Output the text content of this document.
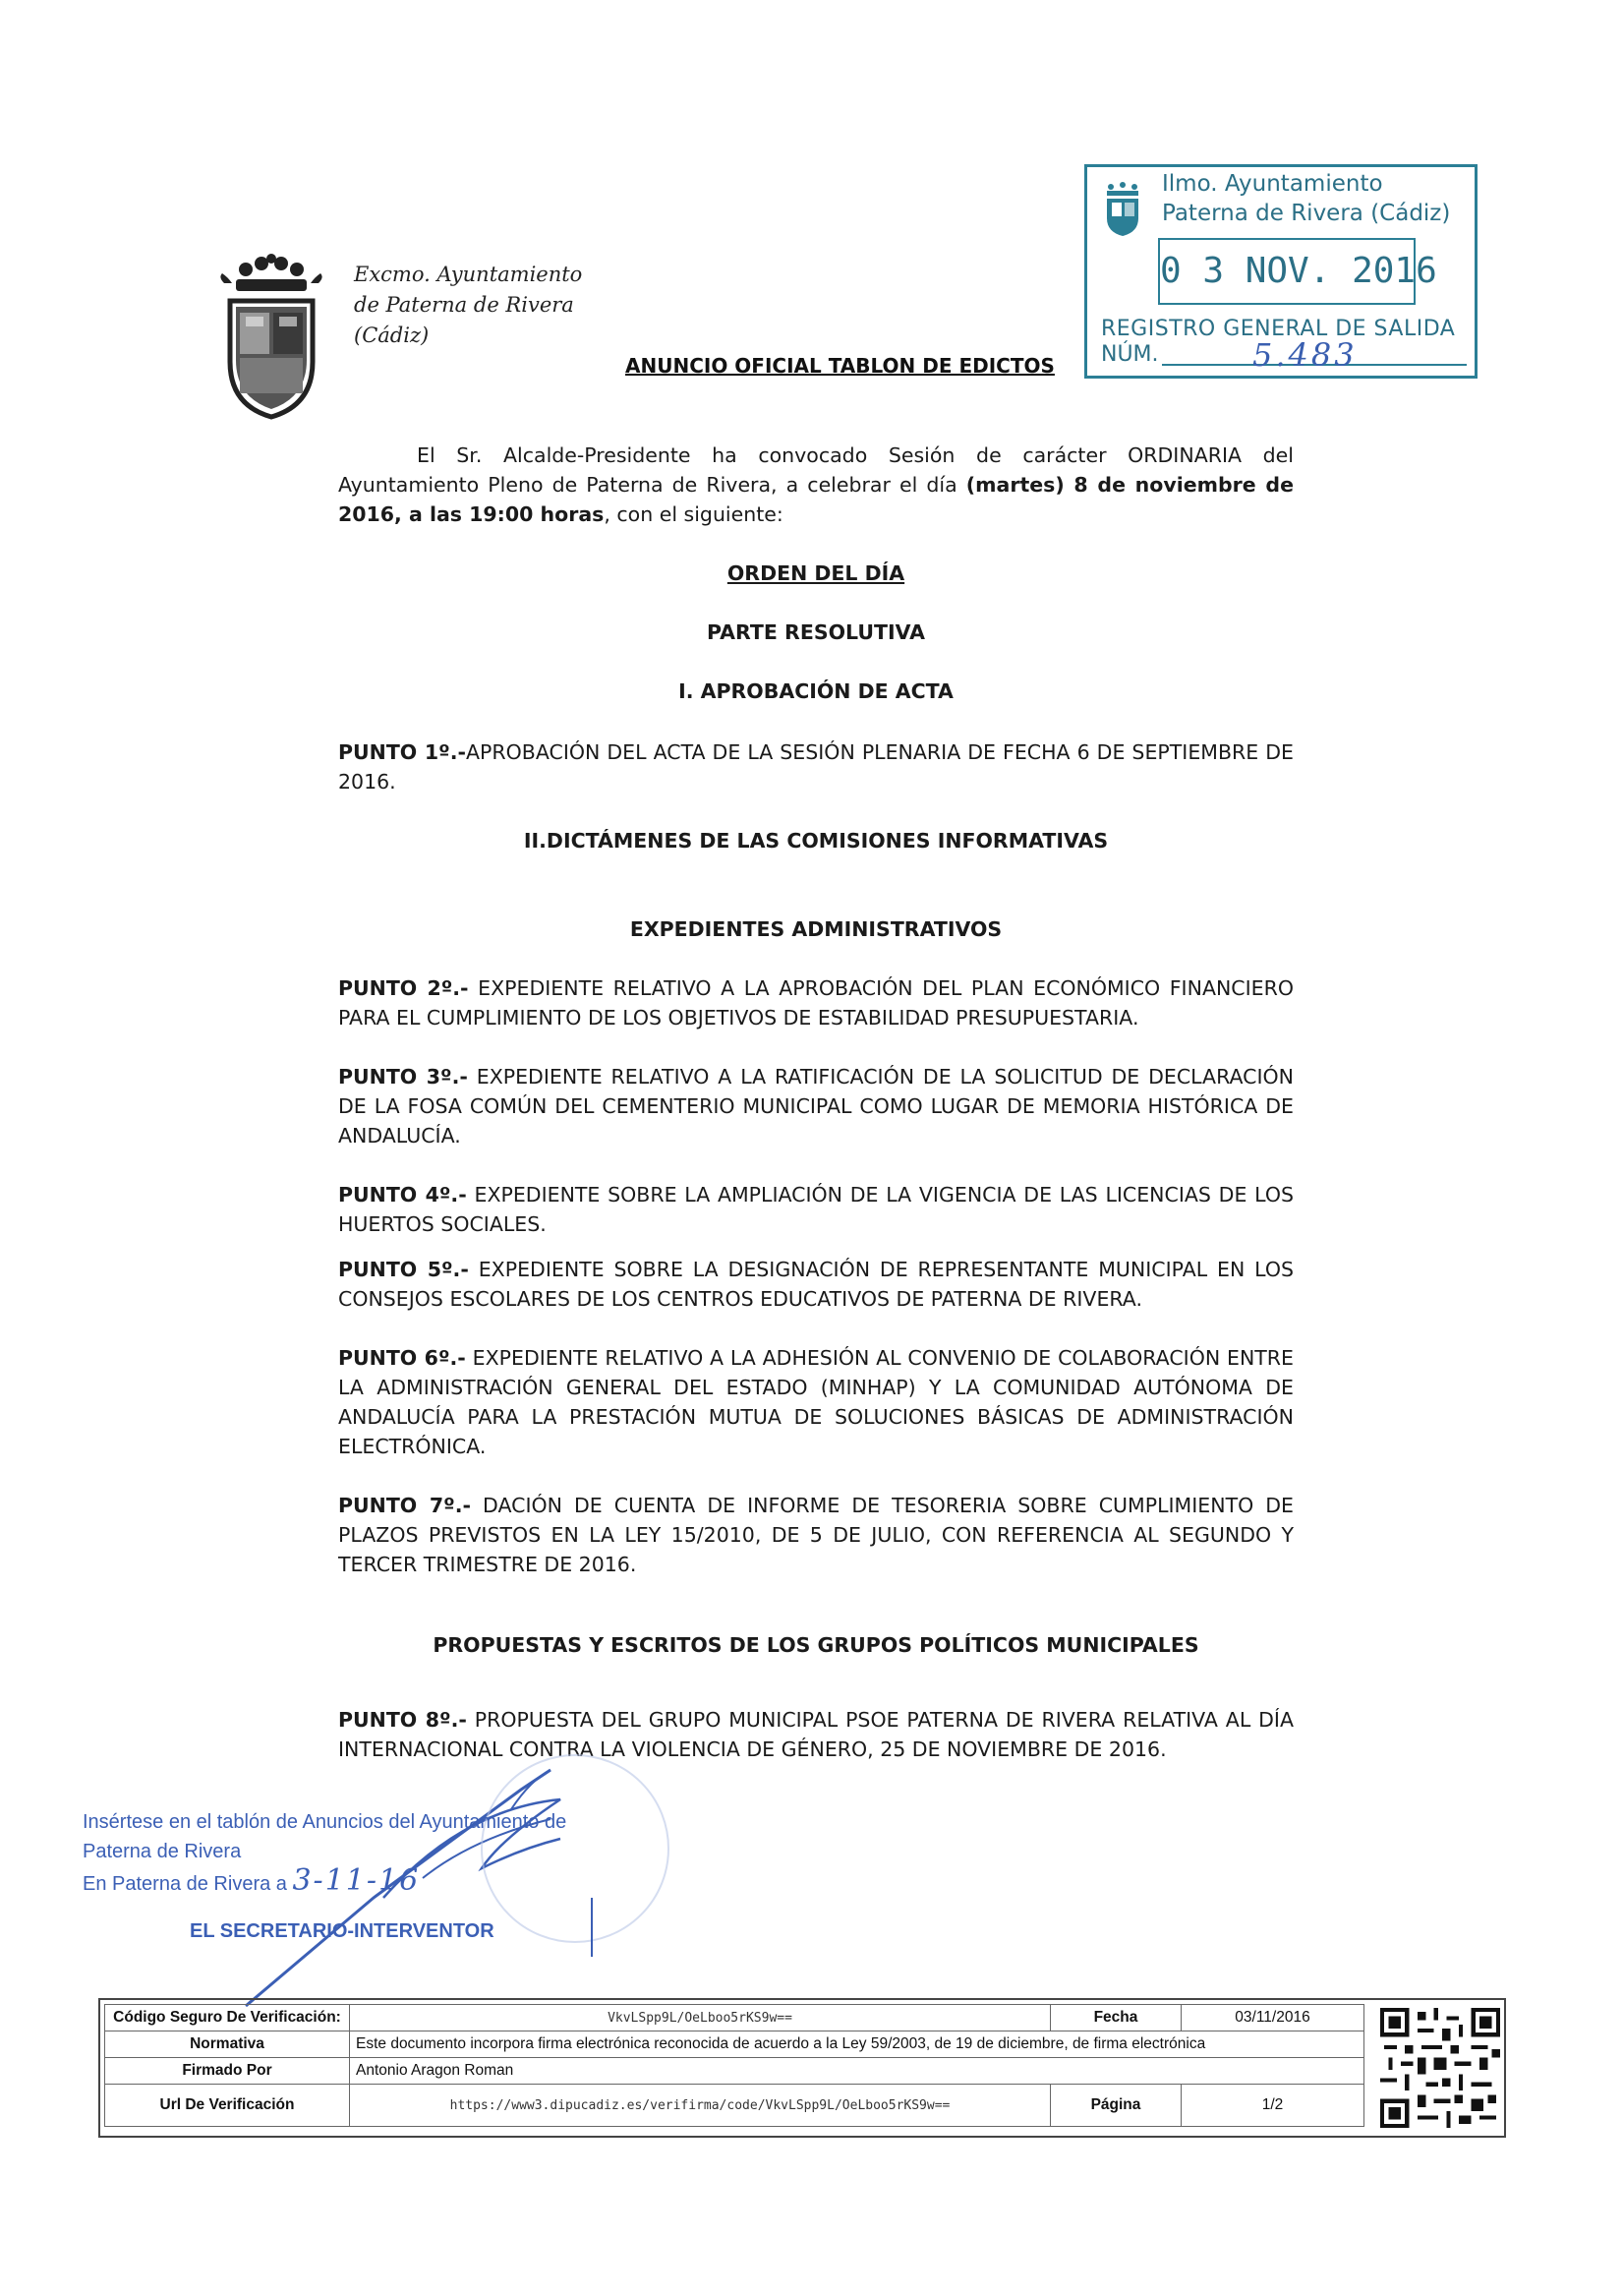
Excmo. Ayuntamiento
de Paterna de Rivera
(Cádiz)
ANUNCIO OFICIAL TABLON DE EDICTOS
Ilmo. Ayuntamiento
Paterna de Rivera (Cádiz)
0 3 NOV. 2016
REGISTRO GENERAL DE SALIDA
NÚM.	5.483

El Sr. Alcalde-Presidente ha convocado Sesión de carácter ORDINARIA del Ayuntamiento Pleno de Paterna de Rivera, a celebrar el día (martes) 8 de noviembre de 2016, a las 19:00 horas, con el siguiente:

ORDEN DEL DÍA

PARTE RESOLUTIVA

I. APROBACIÓN DE ACTA

PUNTO 1º.-APROBACIÓN DEL ACTA DE LA SESIÓN PLENARIA DE FECHA 6 DE SEPTIEMBRE DE 2016.

II.DICTÁMENES DE LAS COMISIONES INFORMATIVAS

EXPEDIENTES ADMINISTRATIVOS

PUNTO 2º.- EXPEDIENTE RELATIVO A LA APROBACIÓN DEL PLAN ECONÓMICO FINANCIERO PARA EL CUMPLIMIENTO DE LOS OBJETIVOS DE ESTABILIDAD PRESUPUESTARIA.

PUNTO 3º.- EXPEDIENTE RELATIVO A LA RATIFICACIÓN DE LA SOLICITUD DE DECLARACIÓN DE LA FOSA COMÚN DEL CEMENTERIO MUNICIPAL COMO LUGAR DE MEMORIA HISTÓRICA DE ANDALUCÍA.

PUNTO 4º.- EXPEDIENTE SOBRE LA AMPLIACIÓN DE LA VIGENCIA DE LAS LICENCIAS DE LOS HUERTOS SOCIALES.

PUNTO 5º.- EXPEDIENTE SOBRE LA DESIGNACIÓN DE REPRESENTANTE MUNICIPAL EN LOS CONSEJOS ESCOLARES DE LOS CENTROS EDUCATIVOS DE PATERNA DE RIVERA.

PUNTO 6º.- EXPEDIENTE RELATIVO A LA ADHESIÓN AL CONVENIO DE COLABORACIÓN ENTRE LA ADMINISTRACIÓN GENERAL DEL ESTADO (MINHAP) Y LA COMUNIDAD AUTÓNOMA DE ANDALUCÍA PARA LA PRESTACIÓN MUTUA DE SOLUCIONES BÁSICAS DE ADMINISTRACIÓN ELECTRÓNICA.

PUNTO 7º.- DACIÓN DE CUENTA DE INFORME DE TESORERIA SOBRE CUMPLIMIENTO DE PLAZOS PREVISTOS EN LA LEY 15/2010, DE 5 DE JULIO, CON REFERENCIA AL SEGUNDO Y TERCER TRIMESTRE DE 2016.

PROPUESTAS Y ESCRITOS DE LOS GRUPOS POLÍTICOS MUNICIPALES

PUNTO 8º.- PROPUESTA DEL GRUPO MUNICIPAL PSOE PATERNA DE RIVERA RELATIVA AL DÍA INTERNACIONAL CONTRA LA VIOLENCIA DE GÉNERO, 25 DE NOVIEMBRE DE 2016.

Insértese en el tablón de Anuncios del Ayuntamiento de
Paterna de Rivera
En Paterna de Rivera a 3-11-16
EL SECRETARIO-INTERVENTOR
Código Seguro De Verificación:	VkvLSpp9L/OeLboo5rKS9w==	Fecha	03/11/2016
Normativa	Este documento incorpora firma electrónica reconocida de acuerdo a la Ley 59/2003, de 19 de diciembre, de firma electrónica		
Firmado Por	Antonio Aragon Roman		
Url De Verificación	https://www3.dipucadiz.es/verifirma/code/VkvLSpp9L/OeLboo5rKS9w==	Página	1/2
